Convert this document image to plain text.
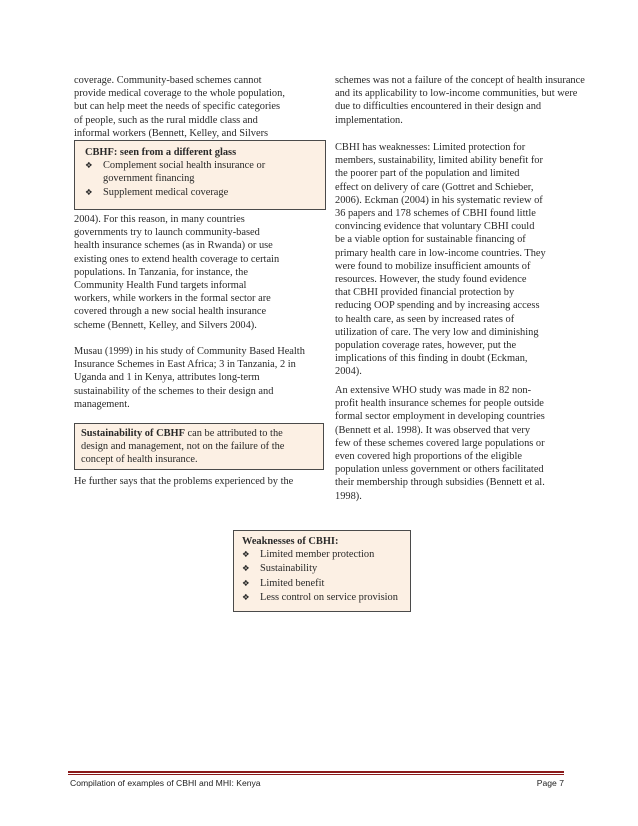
coverage. Community-based schemes cannot

provide medical coverage to the whole population,

but can help meet the needs of specific categories

of people, such as the rural middle class and

informal workers (Bennett, Kelley, and Silvers

2004). For this reason, in many countries

governments try to launch community-based

health insurance schemes (as in Rwanda) or use

existing ones to extend health coverage to certain

populations. In Tanzania, for instance, the

Community Health Fund targets informal

workers, while workers in the formal sector are

covered through a new social health insurance

scheme (Bennett, Kelley, and Silvers 2004).

Musau (1999) in his study of Community Based Health

Insurance Schemes in East Africa; 3 in Tanzania, 2 in

Uganda and 1 in Kenya, attributes long-term

sustainability of the schemes to their design and

management.

He further says that the problems experienced by the

CBHF: seen from a different glass
❖ Complement social health insurance or
government financing
❖ Supplement medical coverage
Sustainability of CBHF can be attributed to the
design and management, not on the failure of the
concept of health insurance.

schemes was not a failure of the concept of health insurance

and its applicability to low-income communities, but were

due to difficulties encountered in their design and

implementation.

CBHI has weaknesses: Limited protection for

members, sustainability, limited ability benefit for

the poorer part of the population and limited

effect on delivery of care (Gottret and Schieber,

2006). Eckman (2004) in his systematic review of

36 papers and 178 schemes of CBHI found little

convincing evidence that voluntary CBHI could

be a viable option for sustainable financing of

primary health care in low-income countries. They

were found to mobilize insufficient amounts of

resources. However, the study found evidence

that CBHI provided financial protection by

reducing OOP spending and by increasing access

to health care, as seen by increased rates of

utilization of care. The very low and diminishing

population coverage rates, however, put the

implications of this finding in doubt (Eckman,

2004).

An extensive WHO study was made in 82 non-

profit health insurance schemes for people outside

formal sector employment in developing countries

(Bennett et al. 1998). It was observed that very

few of these schemes covered large populations or

even covered high proportions of the eligible

population unless government or others facilitated

their membership through subsidies (Bennett et al.

1998).

Weaknesses of CBHI:
❖ Limited member protection
❖ Sustainability
❖ Limited benefit
❖ Less control on service provision
Compilation of examples of CBHI and MHI: Kenya	Page 7
